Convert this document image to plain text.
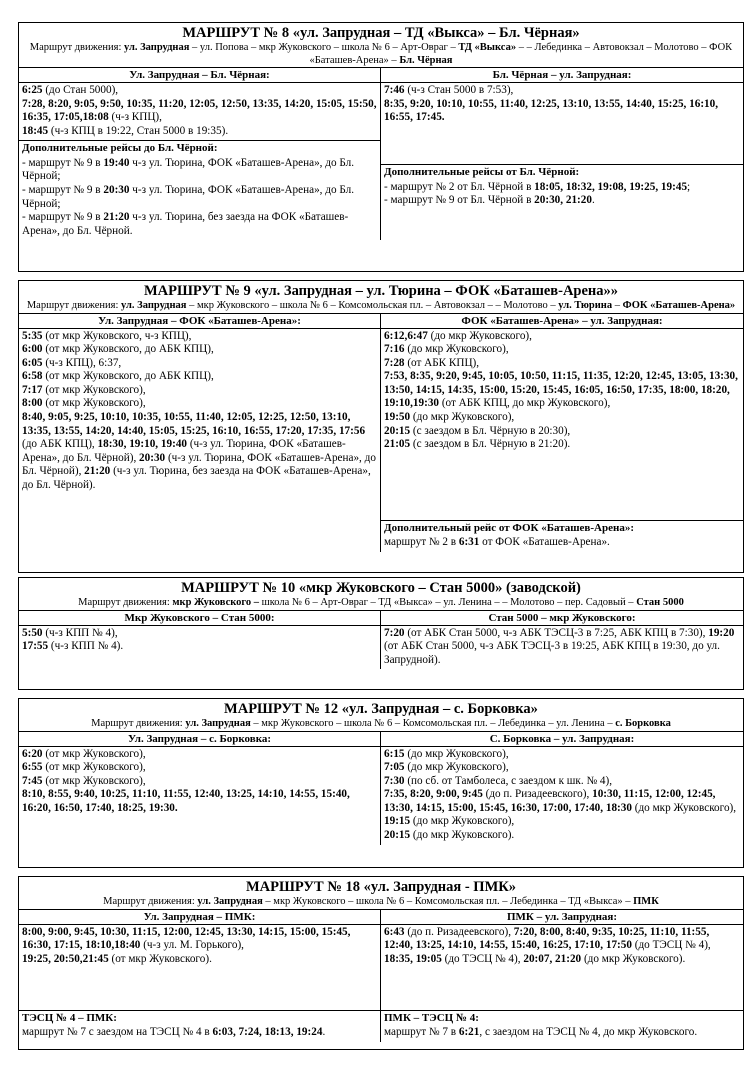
МАРШРУТ № 8 «ул. Запрудная – ТД «Выкса» – Бл. Чёрная»
Маршрут движения: ул. Запрудная – ул. Попова – мкр Жуковского – школа № 6 – Арт-Овраг – ТД «Выкса» – – Лебединка – Автовокзал – Молотово – ФОК «Баташев-Арена» – Бл. Чёрная
Ул. Запрудная – Бл. Чёрная:
6:25 (до Стан 5000),
7:28, 8:20, 9:05, 9:50, 10:35, 11:20, 12:05, 12:50, 13:35, 14:20, 15:05, 15:50, 16:35, 17:05,18:08 (ч-з КПЦ),
18:45 (ч-з КПЦ в 19:22, Стан 5000 в 19:35).
Дополнительные рейсы до Бл. Чёрной:
- маршрут № 9 в 19:40 ч-з ул. Тюрина, ФОК «Баташев-Арена», до Бл. Чёрной;
- маршрут № 9 в 20:30 ч-з ул. Тюрина, ФОК «Баташев-Арена», до Бл. Чёрной;
- маршрут № 9 в 21:20 ч-з ул. Тюрина, без заезда на ФОК «Баташев-Арена», до Бл. Чёрной.
Бл. Чёрная – ул. Запрудная:
7:46 (ч-з Стан 5000 в 7:53),
8:35, 9:20, 10:10, 10:55, 11:40, 12:25, 13:10, 13:55, 14:40, 15:25, 16:10, 16:55, 17:45.
Дополнительные рейсы от Бл. Чёрной:
- маршрут № 2 от Бл. Чёрной в 18:05, 18:32, 19:08, 19:25, 19:45;
- маршрут № 9 от Бл. Чёрной в 20:30, 21:20.
МАРШРУТ № 9 «ул. Запрудная – ул. Тюрина – ФОК «Баташев-Арена»»
Маршрут движения: ул. Запрудная – мкр Жуковского – школа № 6 – Комсомольская пл. – Автовокзал – – Молотово – ул. Тюрина – ФОК «Баташев-Арена»
Ул. Запрудная – ФОК «Баташев-Арена»:
5:35 (от мкр Жуковского, ч-з КПЦ),
6:00 (от мкр Жуковского, до АБК КПЦ),
6:05 (ч-з КПЦ), 6:37,
6:58 (от мкр Жуковского, до АБК КПЦ),
7:17 (от мкр Жуковского),
8:00 (от мкр Жуковского),
8:40, 9:05, 9:25, 10:10, 10:35, 10:55, 11:40, 12:05, 12:25, 12:50, 13:10, 13:35, 13:55, 14:20, 14:40, 15:05, 15:25, 16:10, 16:55, 17:20, 17:35, 17:56 (до АБК КПЦ), 18:30, 19:10, 19:40 (ч-з ул. Тюрина, ФОК «Баташев-Арена», до Бл. Чёрной), 20:30 (ч-з ул. Тюрина, ФОК «Баташев-Арена», до Бл. Чёрной), 21:20 (ч-з ул. Тюрина, без заезда на ФОК «Баташев-Арена», до Бл. Чёрной).
ФОК «Баташев-Арена» – ул. Запрудная:
6:12,6:47 (до мкр Жуковского),
7:16 (до мкр Жуковского),
7:28 (от АБК КПЦ),
7:53, 8:35, 9:20, 9:45, 10:05, 10:50, 11:15, 11:35, 12:20, 12:45, 13:05, 13:30, 13:50, 14:15, 14:35, 15:00, 15:20, 15:45, 16:05, 16:50, 17:35, 18:00, 18:20, 19:10,19:30 (от АБК КПЦ, до мкр Жуковского),
19:50 (до мкр Жуковского),
20:15 (с заездом в Бл. Чёрную в 20:30),
21:05 (с заездом в Бл. Чёрную в 21:20).
Дополнительный рейс от ФОК «Баташев-Арена»:
маршрут № 2 в 6:31 от ФОК «Баташев-Арена».
МАРШРУТ № 10 «мкр Жуковского – Стан 5000» (заводской)
Маршрут движения: мкр Жуковского – школа № 6 – Арт-Овраг – ТД «Выкса» – ул. Ленина – – Молотово – пер. Садовый – Стан 5000
Мкр Жуковского – Стан 5000:
5:50 (ч-з КПП № 4),
17:55 (ч-з КПП № 4).
Стан 5000 – мкр Жуковского:
7:20 (от АБК Стан 5000, ч-з АБК ТЭСЦ-3 в 7:25, АБК КПЦ в 7:30), 19:20 (от АБК Стан 5000, ч-з АБК ТЭСЦ-3 в 19:25, АБК КПЦ в 19:30, до ул. Запрудной).
МАРШРУТ № 12 «ул. Запрудная – с. Борковка»
Маршрут движения: ул. Запрудная – мкр Жуковского – школа № 6 – Комсомольская пл. – Лебединка – ул. Ленина – с. Борковка
Ул. Запрудная – с. Борковка:
6:20 (от мкр Жуковского),
6:55 (от мкр Жуковского),
7:45 (от мкр Жуковского),
8:10, 8:55, 9:40, 10:25, 11:10, 11:55, 12:40, 13:25, 14:10, 14:55, 15:40, 16:20, 16:50, 17:40, 18:25, 19:30.
С. Борковка – ул. Запрудная:
6:15 (до мкр Жуковского),
7:05 (до мкр Жуковского),
7:30 (по сб. от Тамболеса, с заездом к шк. № 4),
7:35, 8:20, 9:00, 9:45 (до п. Ризадеевского), 10:30, 11:15, 12:00, 12:45, 13:30, 14:15, 15:00, 15:45, 16:30, 17:00, 17:40, 18:30 (до мкр Жуковского),
19:15 (до мкр Жуковского),
20:15 (до мкр Жуковского).
МАРШРУТ № 18 «ул. Запрудная - ПМК»
Маршрут движения: ул. Запрудная – мкр Жуковского – школа № 6 – Комсомольская пл. – Лебединка – ТД «Выкса» – ПМК
Ул. Запрудная – ПМК:
8:00, 9:00, 9:45, 10:30, 11:15, 12:00, 12:45, 13:30, 14:15, 15:00, 15:45, 16:30, 17:15, 18:10,18:40 (ч-з ул. М. Горького),
19:25, 20:50,21:45 (от мкр Жуковского).
ПМК – ул. Запрудная:
6:43 (до п. Ризадеевского), 7:20, 8:00, 8:40, 9:35, 10:25, 11:10, 11:55, 12:40, 13:25, 14:10, 14:55, 15:40, 16:25, 17:10, 17:50 (до ТЭСЦ № 4),
18:35, 19:05 (до ТЭСЦ № 4), 20:07, 21:20 (до мкр Жуковского).
ТЭСЦ № 4 – ПМК:
маршрут № 7 с заездом на ТЭСЦ № 4 в 6:03, 7:24, 18:13, 19:24.
ПМК – ТЭСЦ № 4:
маршрут № 7 в 6:21, с заездом на ТЭСЦ № 4, до мкр Жуковского.
